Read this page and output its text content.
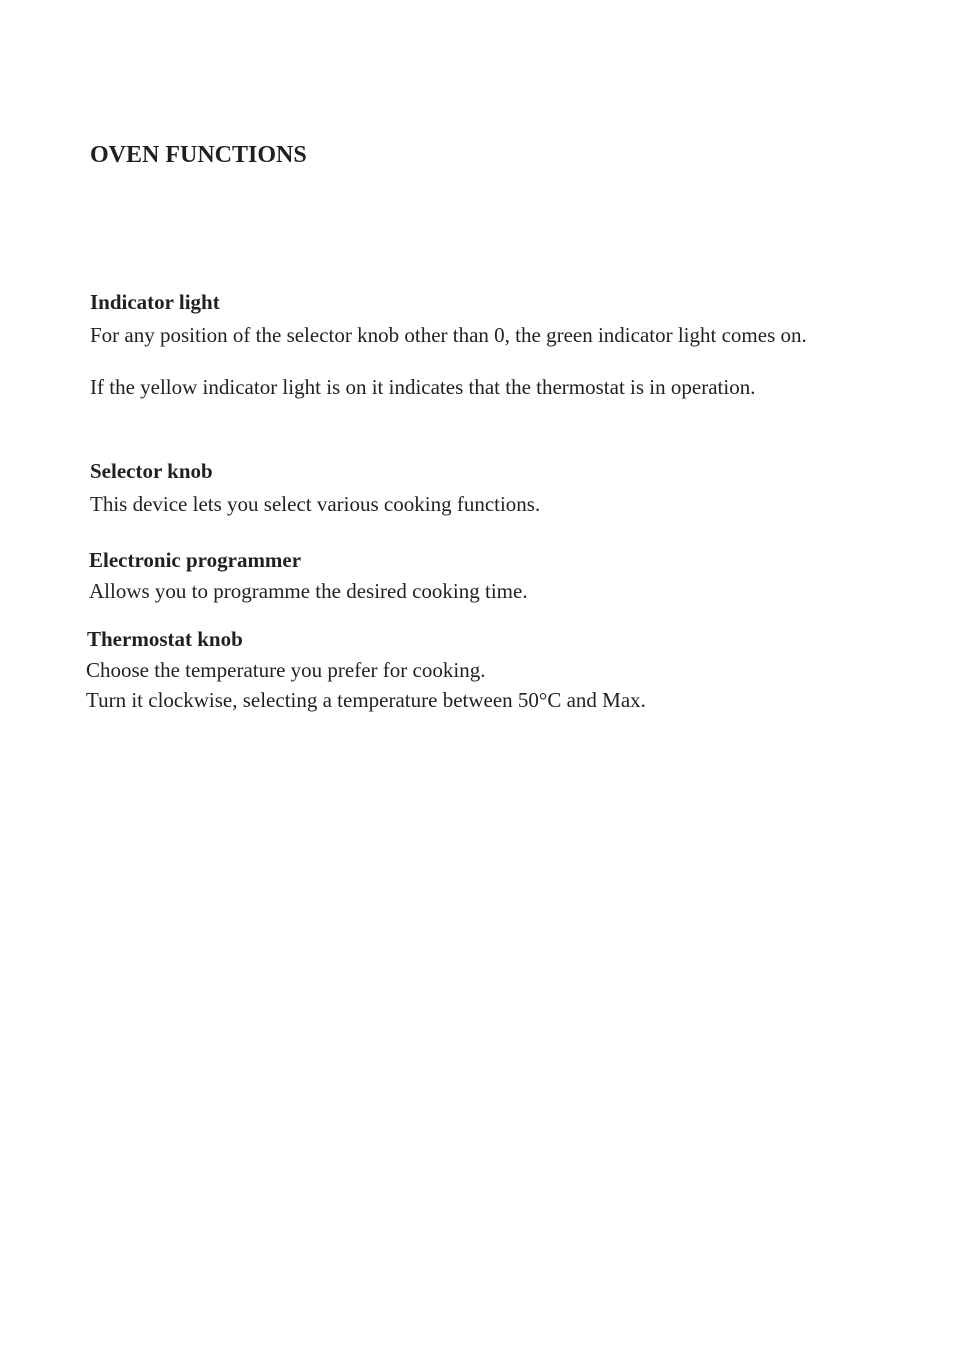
OVEN FUNCTIONS
Indicator light

For any position of the selector knob other than 0, the green indicator light comes on.

If the yellow indicator light is on it indicates that the thermostat is in operation.

Selector knob

This device lets you select various cooking functions.

Electronic programmer

Allows you to programme the desired cooking time.

Thermostat knob

Choose the temperature you prefer for cooking.

Turn it clockwise, selecting a temperature between 50°C and Max.
